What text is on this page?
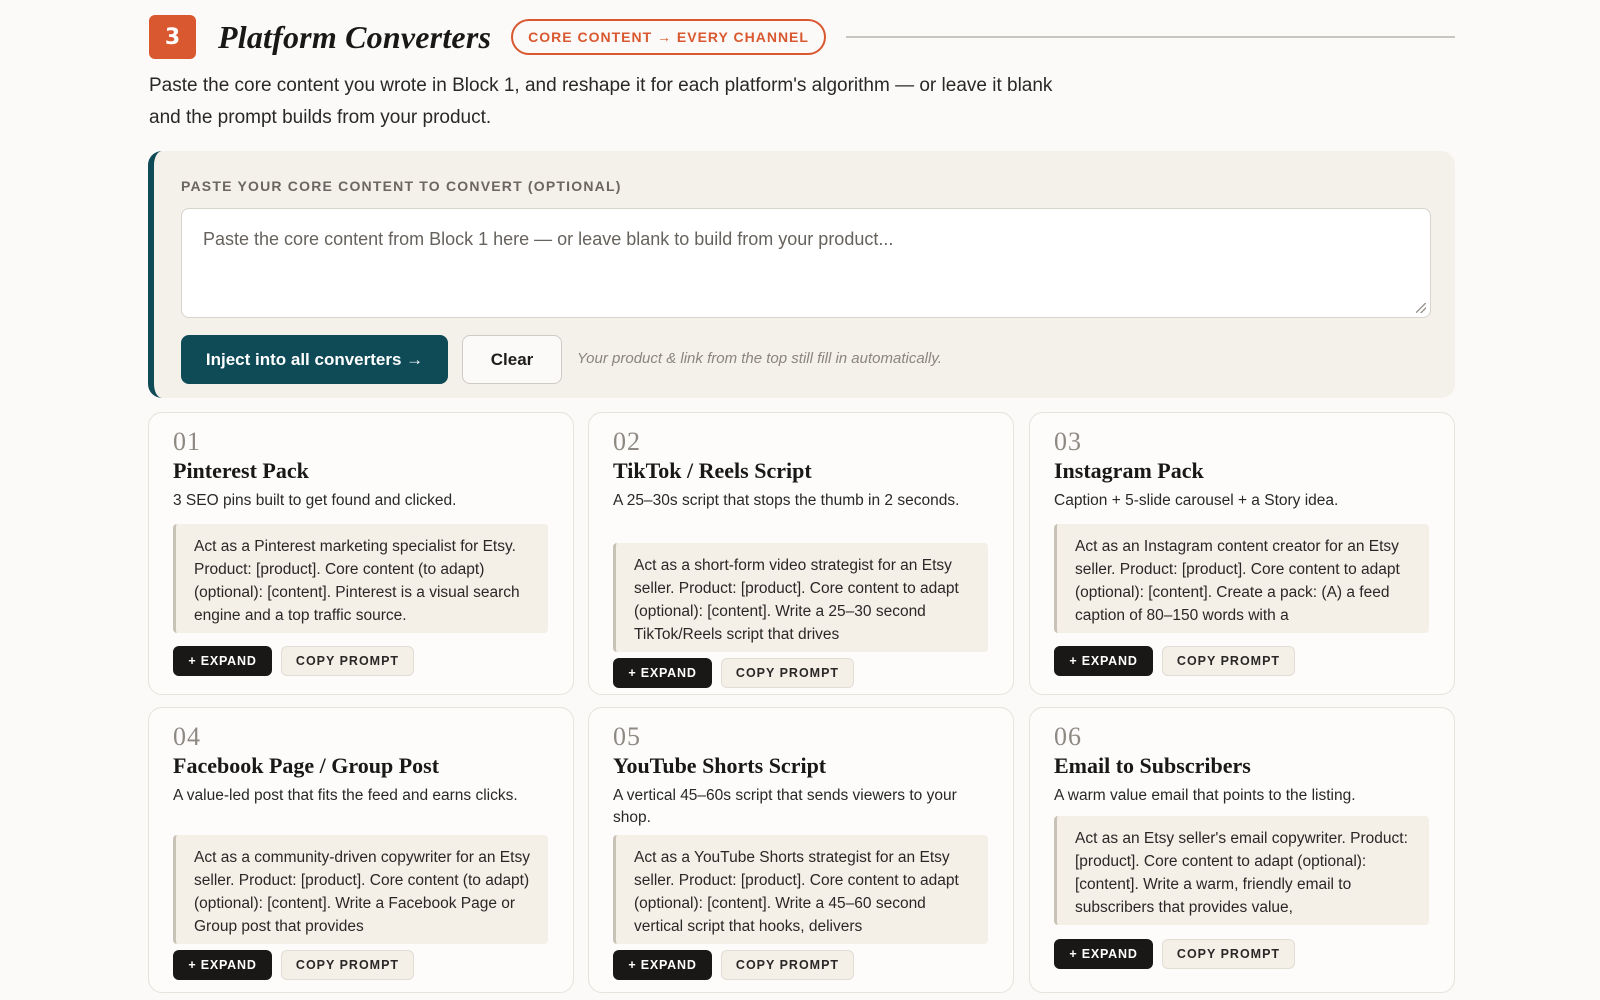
3	Platform Converters	CORE CONTENT → EVERY CHANNEL

Paste the core content you wrote in Block 1, and reshape it for each platform's algorithm — or leave it blank and the prompt builds from your product.

PASTE YOUR CORE CONTENT TO CONVERT (OPTIONAL)
Paste the core content from Block 1 here — or leave blank to build from your product...
Inject into all converters →	Clear	Your product & link from the top still fill in automatically.
01
Pinterest Pack
3 SEO pins built to get found and clicked.
Act as a Pinterest marketing specialist for Etsy. Product: [product]. Core content (to adapt) (optional): [content]. Pinterest is a visual search engine and a top traffic source.
+ EXPAND	COPY PROMPT
02
TikTok / Reels Script
A 25–30s script that stops the thumb in 2 seconds.
Act as a short-form video strategist for an Etsy seller. Product: [product]. Core content to adapt (optional): [content]. Write a 25–30 second TikTok/Reels script that drives
+ EXPAND	COPY PROMPT
03
Instagram Pack
Caption + 5-slide carousel + a Story idea.
Act as an Instagram content creator for an Etsy seller. Product: [product]. Core content to adapt (optional): [content]. Create a pack: (A) a feed caption of 80–150 words with a
+ EXPAND	COPY PROMPT
04
Facebook Page / Group Post
A value-led post that fits the feed and earns clicks.
Act as a community-driven copywriter for an Etsy seller. Product: [product]. Core content (to adapt) (optional): [content]. Write a Facebook Page or Group post that provides
+ EXPAND	COPY PROMPT
05
YouTube Shorts Script
A vertical 45–60s script that sends viewers to your shop.
Act as a YouTube Shorts strategist for an Etsy seller. Product: [product]. Core content to adapt (optional): [content]. Write a 45–60 second vertical script that hooks, delivers
+ EXPAND	COPY PROMPT
06
Email to Subscribers
A warm value email that points to the listing.
Act as an Etsy seller's email copywriter. Product: [product]. Core content to adapt (optional): [content]. Write a warm, friendly email to subscribers that provides value,
+ EXPAND	COPY PROMPT
